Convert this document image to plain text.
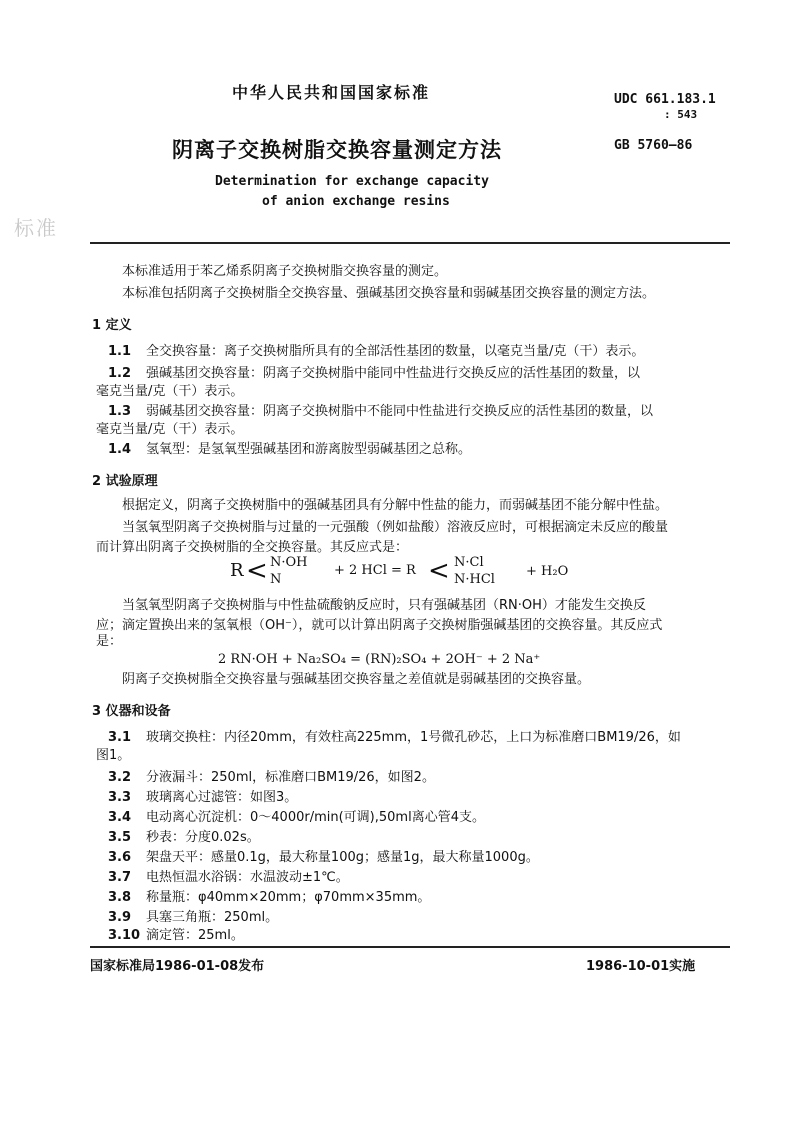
中华人民共和国国家标准	UDC 661.183.1
: 543
阴离子交换树脂交换容量测定方法	GB 5760—86
Determination for exchange capacity
of anion exchange resins
标准
本标准适用于苯乙烯系阴离子交换树脂交换容量的测定。
本标准包括阴离子交换树脂全交换容量、强碱基团交换容量和弱碱基团交换容量的测定方法。
1 定义
1.1 全交换容量：离子交换树脂所具有的全部活性基团的数量，以毫克当量/克（干）表示。
1.2 强碱基团交换容量：阴离子交换树脂中能同中性盐进行交换反应的活性基团的数量，以
毫克当量/克（干）表示。
1.3 弱碱基团交换容量：阴离子交换树脂中不能同中性盐进行交换反应的活性基团的数量，以
毫克当量/克（干）表示。
1.4 氢氧型：是氢氧型强碱基团和游离胺型弱碱基团之总称。
2 试验原理
根据定义，阴离子交换树脂中的强碱基团具有分解中性盐的能力，而弱碱基团不能分解中性盐。
当氢氧型阴离子交换树脂与过量的一元强酸（例如盐酸）溶液反应时，可根据滴定未反应的酸量
而计算出阴离子交换树脂的全交换容量。其反应式是：
R < N·OH
N
+ 2 HCl = R < N·Cl
N·HCl
+ H₂O
当氢氧型阴离子交换树脂与中性盐硫酸钠反应时，只有强碱基团（RN·OH）才能发生交换反
应；滴定置换出来的氢氧根（OH⁻），就可以计算出阴离子交换树脂强碱基团的交换容量。其反应式
是：
2 RN·OH + Na₂SO₄ = (RN)₂SO₄ + 2OH⁻ + 2 Na⁺
阴离子交换树脂全交换容量与强碱基团交换容量之差值就是弱碱基团的交换容量。
3 仪器和设备
3.1 玻璃交换柱：内径20mm，有效柱高225mm，1号微孔砂芯，上口为标准磨口BM19/26，如
图1。
3.2 分液漏斗：250ml，标准磨口BM19/26，如图2。
3.3 玻璃离心过滤管：如图3。
3.4 电动离心沉淀机：0～4000r/min(可调),50ml离心管4支。
3.5 秒表：分度0.02s。
3.6 架盘天平：感量0.1g，最大称量100g；感量1g，最大称量1000g。
3.7 电热恒温水浴锅：水温波动±1℃。
3.8 称量瓶：φ40mm×20mm；φ70mm×35mm。
3.9 具塞三角瓶：250ml。
3.10 滴定管：25ml。
国家标准局1986-01-08发布	1986-10-01实施
